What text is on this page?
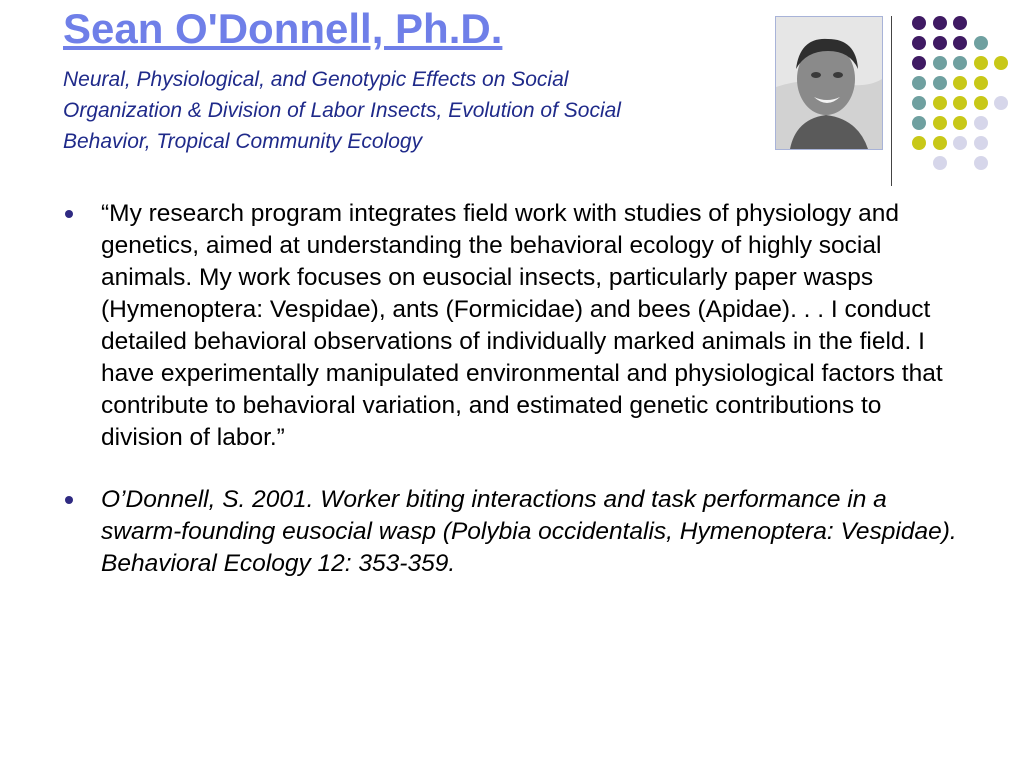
Sean O'Donnell, Ph.D.
Neural, Physiological, and Genotypic Effects on Social
Organization & Division of Labor Insects, Evolution of Social
Behavior, Tropical Community Ecology
“My research program integrates field work with studies of physiology and genetics, aimed at understanding the behavioral ecology of highly social animals. My work focuses on eusocial insects, particularly paper wasps (Hymenoptera: Vespidae), ants (Formicidae) and bees (Apidae). . . I conduct detailed behavioral observations of individually marked animals in the field. I have experimentally manipulated environmental and physiological factors that contribute to behavioral variation, and estimated genetic contributions to division of labor.”
O’Donnell, S. 2001. Worker biting interactions and task performance in a swarm-founding eusocial wasp (Polybia occidentalis, Hymenoptera: Vespidae). Behavioral Ecology 12: 353-359.
